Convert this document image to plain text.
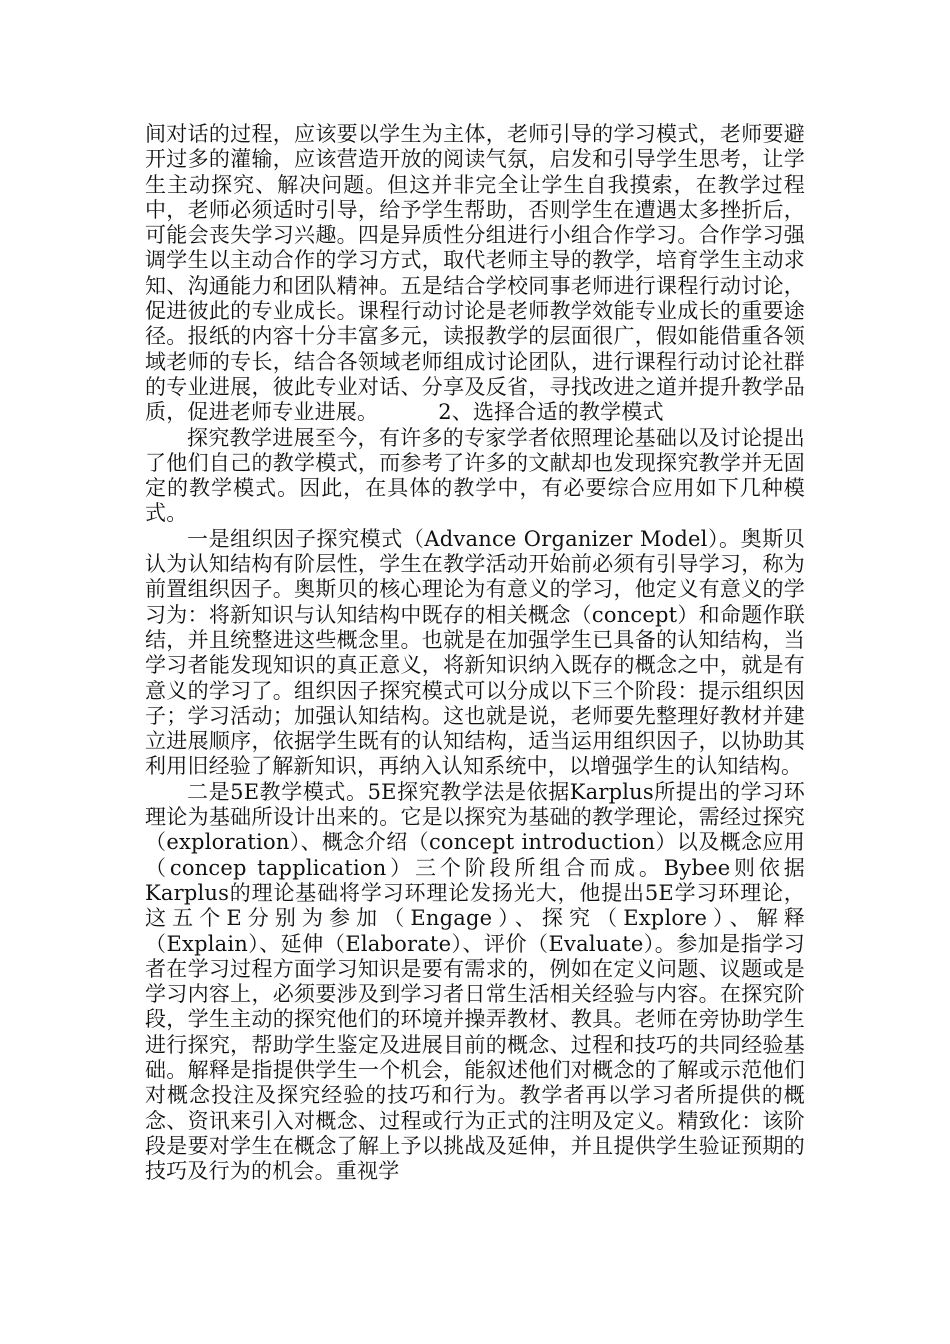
间对话的过程，应该要以学生为主体，老师引导的学习模式，老师要避开过多的灌输，应该营造开放的阅读气氛，启发和引导学生思考，让学生主动探究、解决问题。但这并非完全让学生自我摸索，在教学过程中，老师必须适时引导，给予学生帮助，否则学生在遭遇太多挫折后，可能会丧失学习兴趣。四是异质性分组进行小组合作学习。合作学习强调学生以主动合作的学习方式，取代老师主导的教学，培育学生主动求知、沟通能力和团队精神。五是结合学校同事老师进行课程行动讨论，促进彼此的专业成长。课程行动讨论是老师教学效能专业成长的重要途径。报纸的内容十分丰富多元，读报教学的层面很广，假如能借重各领域老师的专长，结合各领域老师组成讨论团队，进行课程行动讨论社群的专业进展，彼此专业对话、分享及反省，寻找改进之道并提升教学品质，促进老师专业进展。	2、选择合适的教学模式

探究教学进展至今，有许多的专家学者依照理论基础以及讨论提出了他们自己的教学模式，而参考了许多的文献却也发现探究教学并无固定的教学模式。因此，在具体的教学中，有必要综合应用如下几种模式。

一是组织因子探究模式（Advance Organizer Model）。奥斯贝认为认知结构有阶层性，学生在教学活动开始前必须有引导学习，称为前置组织因子。奥斯贝的核心理论为有意义的学习，他定义有意义的学习为：将新知识与认知结构中既存的相关概念（concept）和命题作联结，并且统整进这些概念里。也就是在加强学生已具备的认知结构，当学习者能发现知识的真正意义，将新知识纳入既存的概念之中，就是有意义的学习了。组织因子探究模式可以分成以下三个阶段：提示组织因子；学习活动；加强认知结构。这也就是说，老师要先整理好教材并建立进展顺序，依据学生既有的认知结构，适当运用组织因子，以协助其利用旧经验了解新知识，再纳入认知系统中，以增强学生的认知结构。

二是5E教学模式。5E探究教学法是依据Karplus所提出的学习环理论为基础所设计出来的。它是以探究为基础的教学理论，需经过探究（exploration）、概念介绍（concept introduction）以及概念应用（concep tapplication）三个阶段所组合而成。Bybee则依据Karplus的理论基础将学习环理论发扬光大，他提出5E学习环理论，这五个E分别为参加（Engage）、探究（Explore）、解释（Explain）、延伸（Elaborate）、评价（Evaluate）。参加是指学习者在学习过程方面学习知识是要有需求的，例如在定义问题、议题或是学习内容上，必须要涉及到学习者日常生活相关经验与内容。在探究阶段，学生主动的探究他们的环境并操弄教材、教具。老师在旁协助学生进行探究，帮助学生鉴定及进展目前的概念、过程和技巧的共同经验基础。解释是指提供学生一个机会，能叙述他们对概念的了解或示范他们对概念投注及探究经验的技巧和行为。教学者再以学习者所提供的概念、资讯来引入对概念、过程或行为正式的注明及定义。精致化：该阶段是要对学生在概念了解上予以挑战及延伸，并且提供学生验证预期的技巧及行为的机会。重视学
